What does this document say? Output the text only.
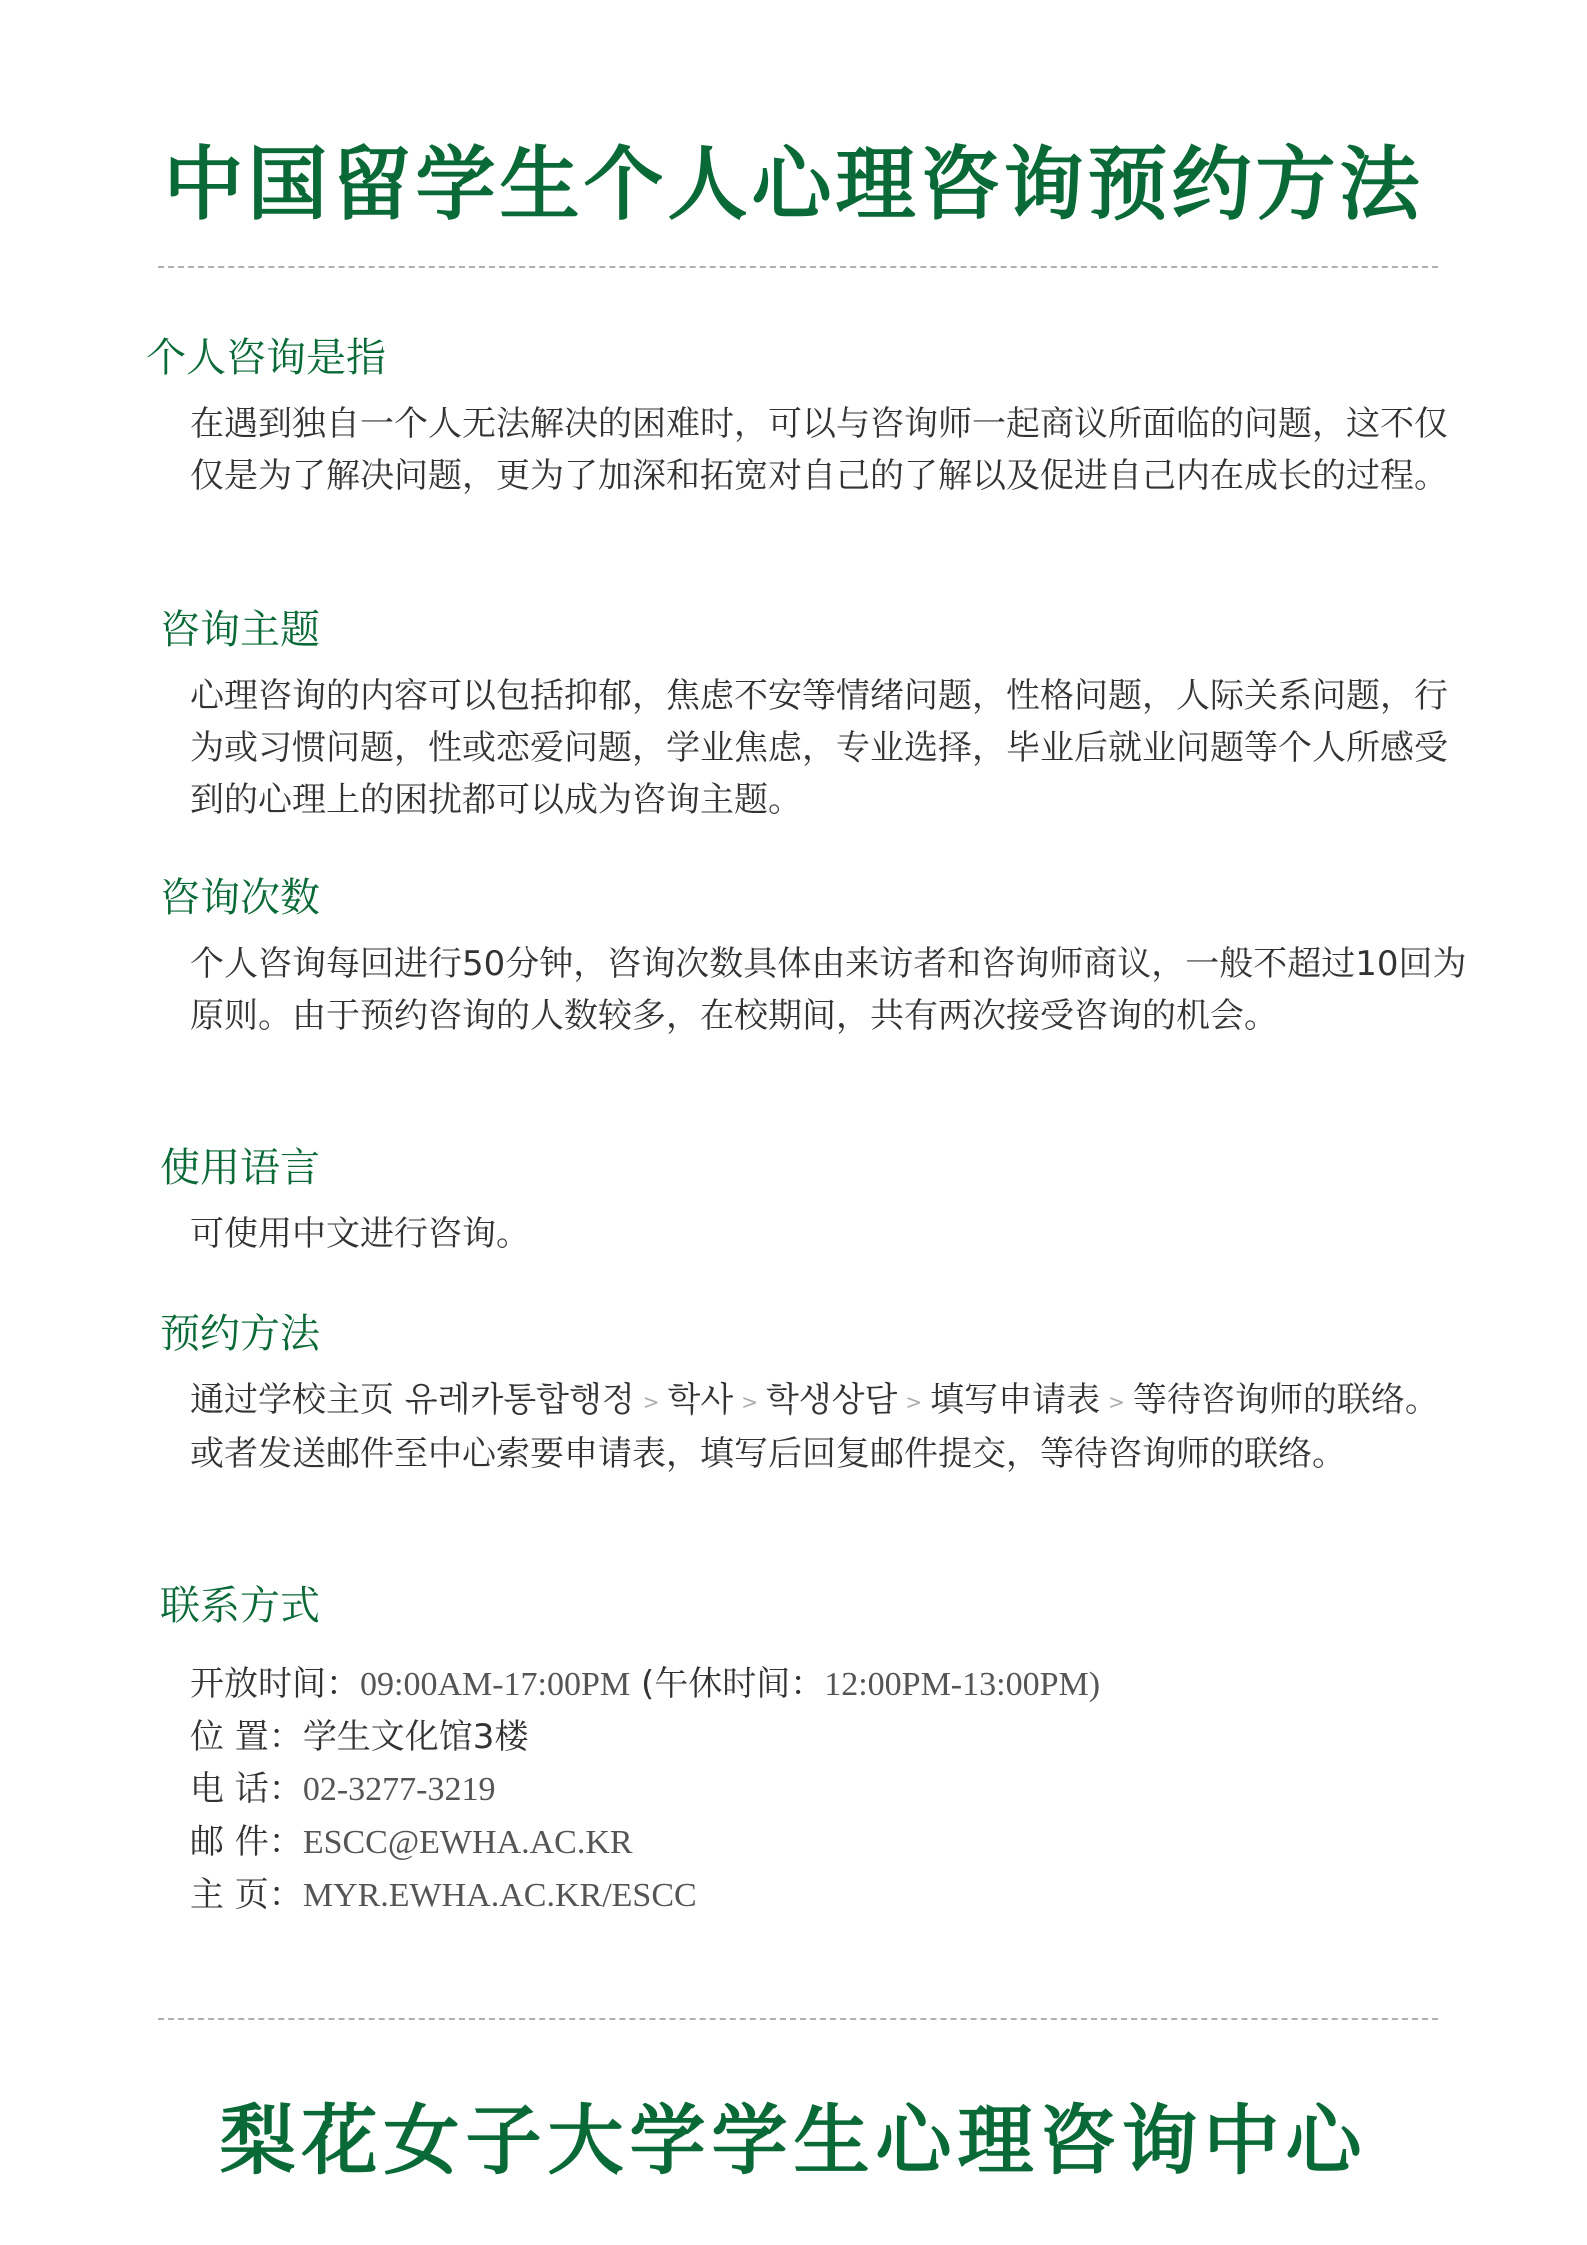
中国留学生个人心理咨询预约方法
个人咨询是指

在遇到独自一个人无法解决的困难时，可以与咨询师一起商议所面临的问题，这不仅仅是为了解决问题，更为了加深和拓宽对自己的了解以及促进自己内在成长的过程。

咨询主题

心理咨询的内容可以包括抑郁，焦虑不安等情绪问题，性格问题，人际关系问题，行为或习惯问题，性或恋爱问题，学业焦虑，专业选择，毕业后就业问题等个人所感受到的心理上的困扰都可以成为咨询主题。

咨询次数

个人咨询每回进行50分钟，咨询次数具体由来访者和咨询师商议，一般不超过10回为原则。由于预约咨询的人数较多，在校期间，共有两次接受咨询的机会。

使用语言

可使用中文进行咨询。

预约方法

通过学校主页 유레카통합행정 > 학사 > 학생상담 > 填写申请表 > 等待咨询师的联络。或者发送邮件至中心索要申请表，填写后回复邮件提交，等待咨询师的联络。

联系方式
开放时间：09:00AM-17:00PM (午休时间：12:00PM-13:00PM)
位 置：学生文化馆3楼
电 话：02-3277-3219
邮 件：ESCC@EWHA.AC.KR
主 页：MYR.EWHA.AC.KR/ESCC
梨花女子大学学生心理咨询中心
